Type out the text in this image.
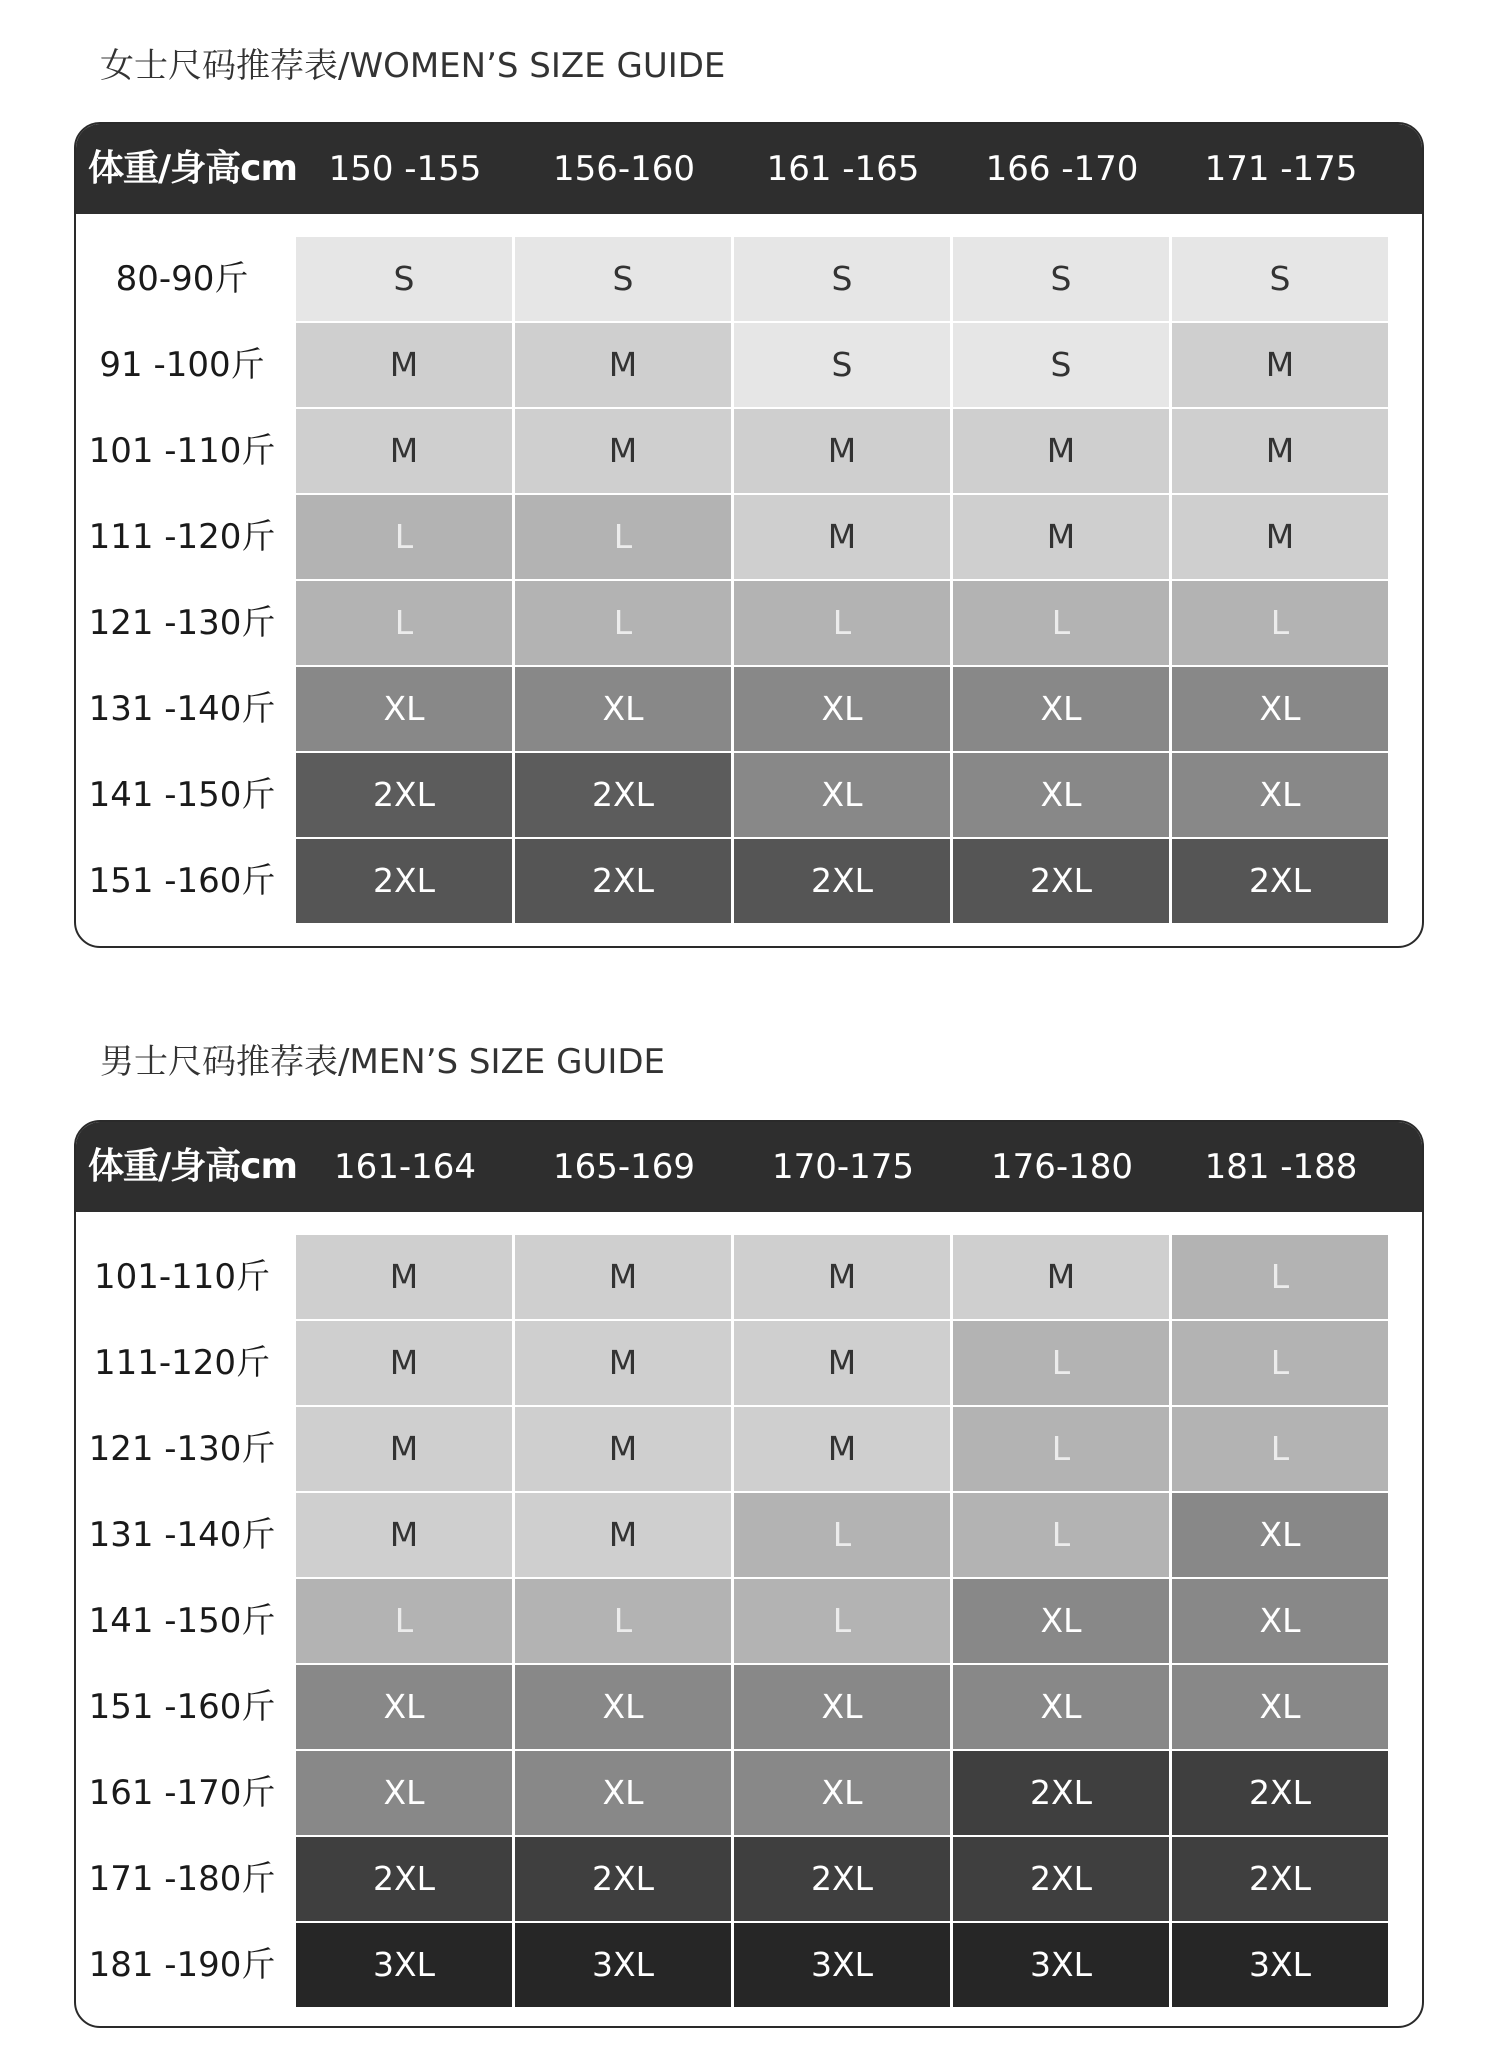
女士尺码推荐表/WOMEN’S SIZE GUIDE
体重/身高cm 150 -155	156-160	161 -165	166 -170	171 -175
80-90斤	S	S	S	S	S
91 -100斤	M	M	S	S	M
101 -110斤	M	M	M	M	M
111 -120斤	L	L	M	M	M
121 -130斤	L	L	L	L	L
131 -140斤	XL	XL	XL	XL	XL
141 -150斤	2XL	2XL	XL	XL	XL
151 -160斤	2XL	2XL	2XL	2XL	2XL
男士尺码推荐表/MEN’S SIZE GUIDE
体重/身高cm	161-164	165-169	170-175	176-180	181 -188
101-110斤	M	M	M	M	L
111-120斤	M	M	M	L	L
121 -130斤	M	M	M	L	L
131 -140斤	M	M	L	L	XL
141 -150斤	L	L	L	XL	XL
151 -160斤	XL	XL	XL	XL	XL
161 -170斤	XL	XL	XL	2XL	2XL
171 -180斤	2XL	2XL	2XL	2XL	2XL
181 -190斤	3XL	3XL	3XL	3XL	3XL
